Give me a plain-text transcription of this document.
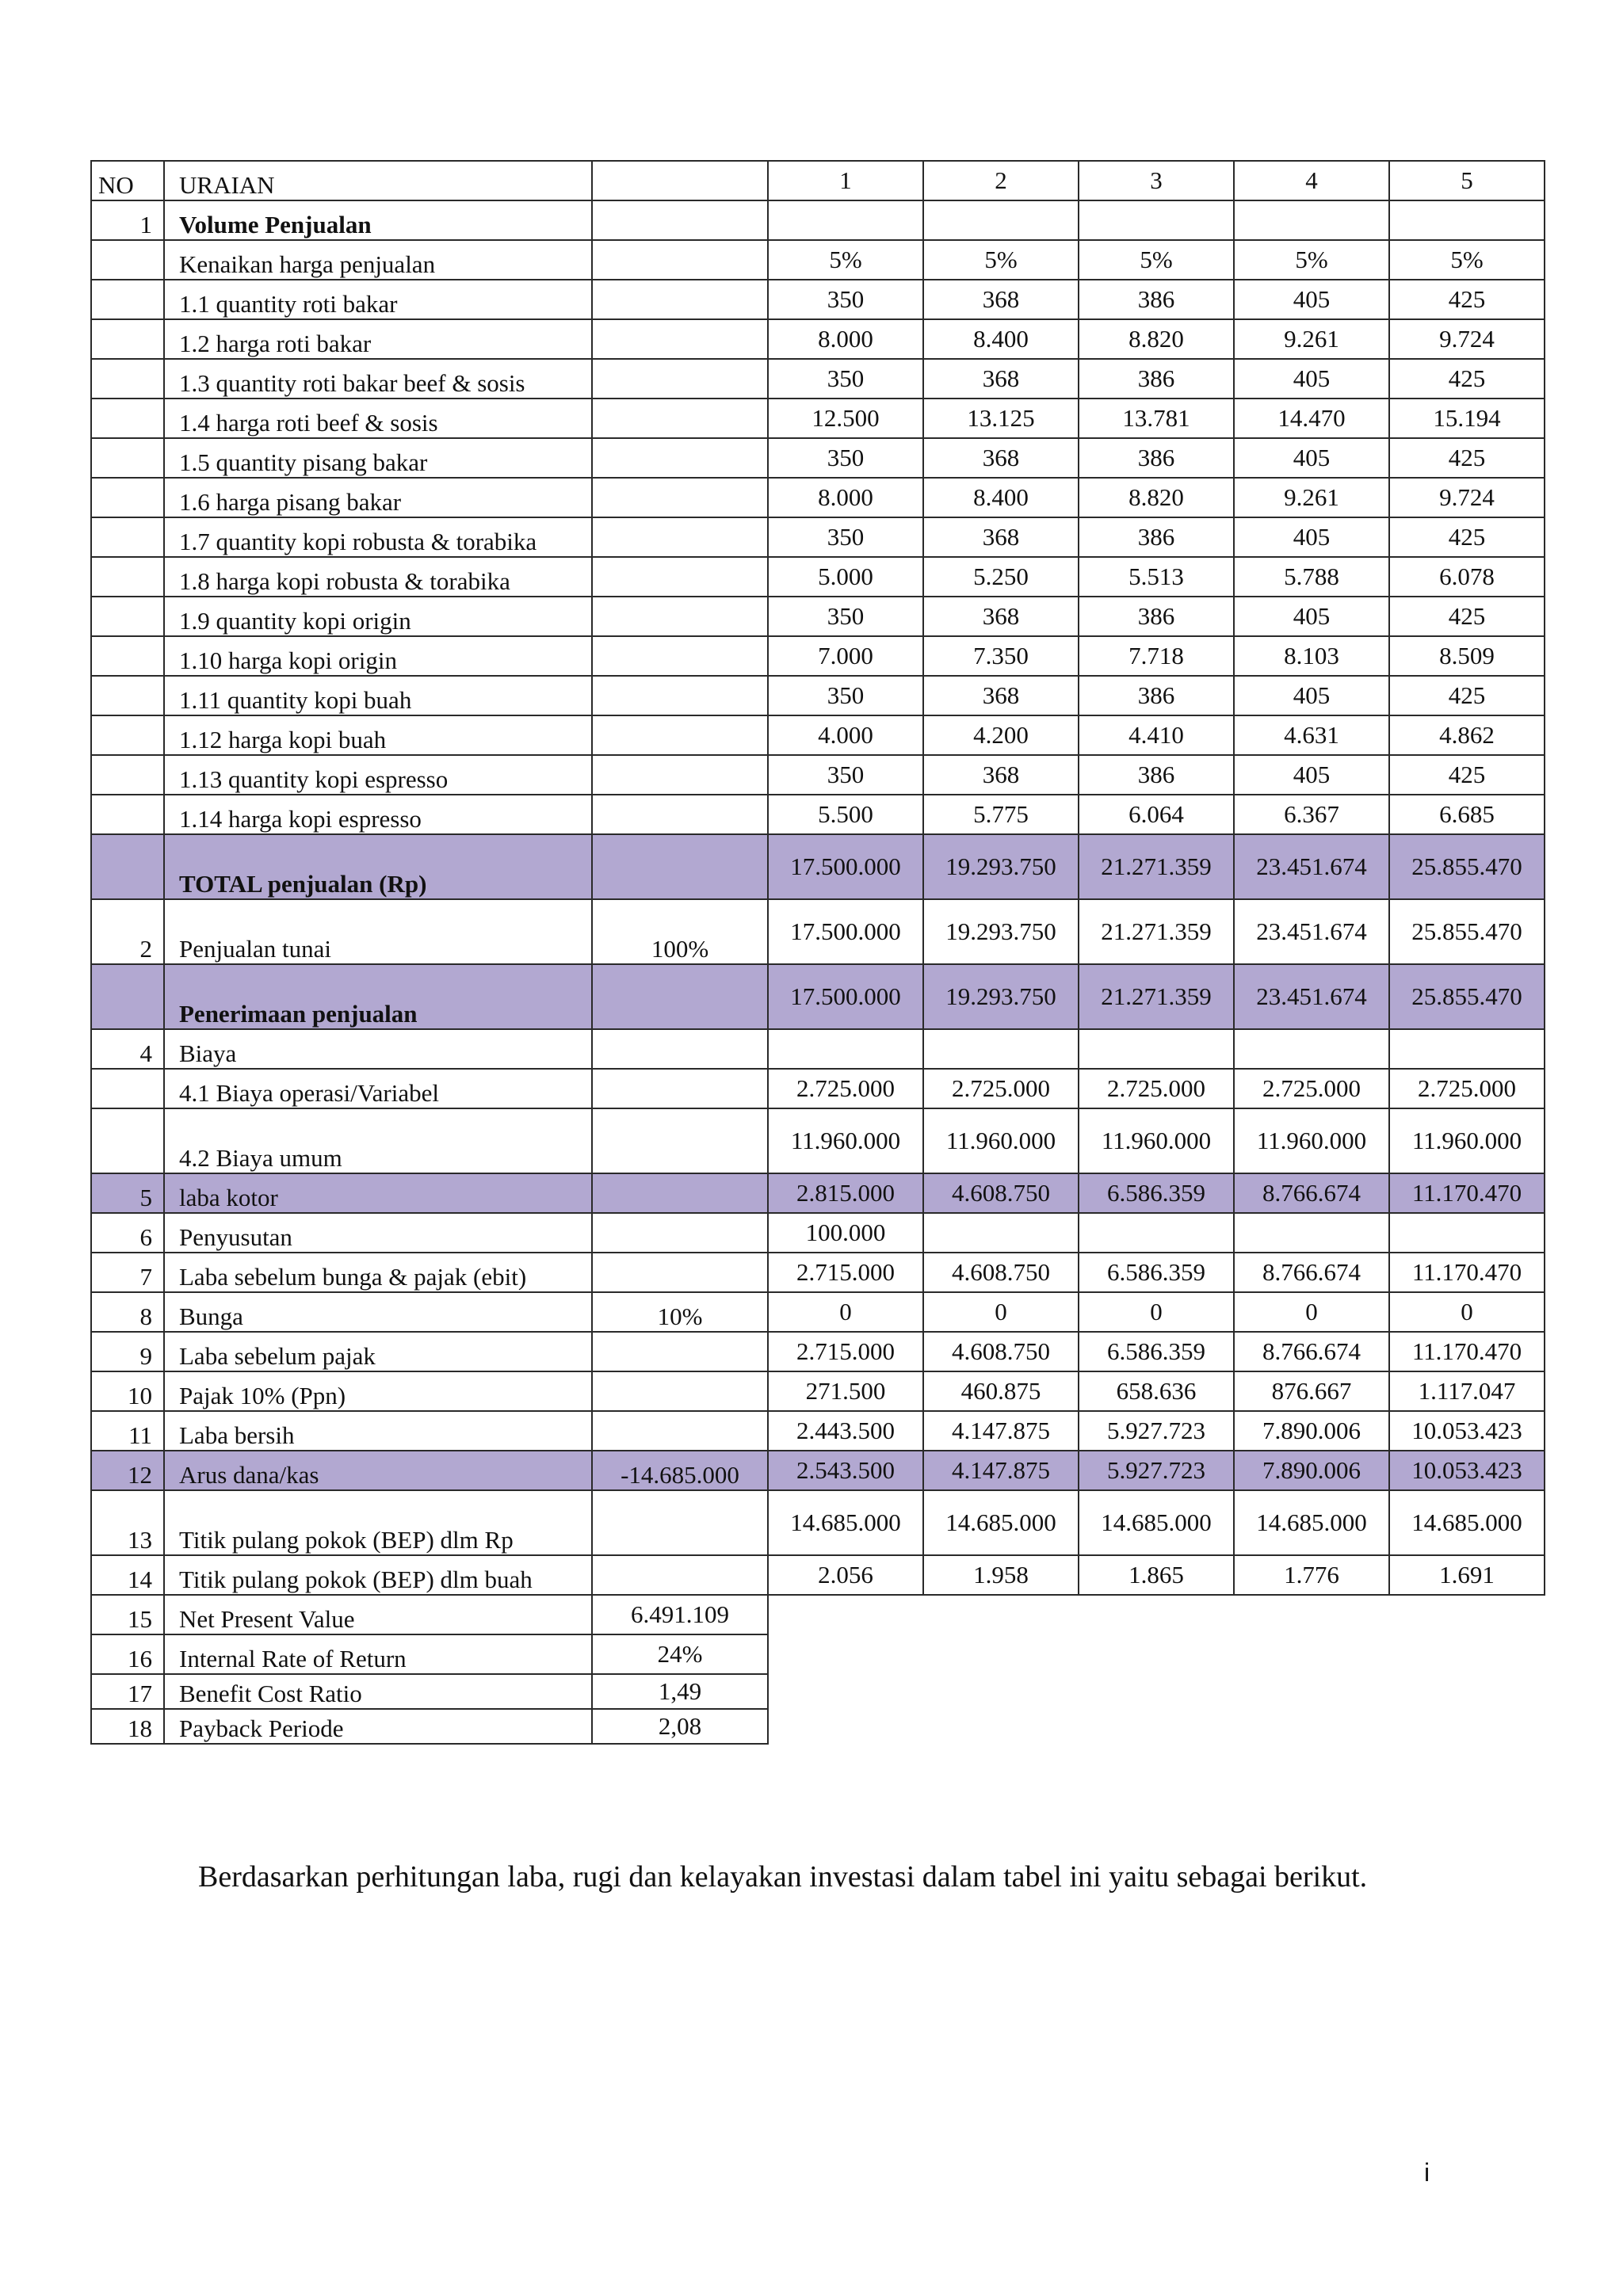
NO	URAIAN		1	2	3	4	5
1	Volume Penjualan						
	Kenaikan harga penjualan		5%	5%	5%	5%	5%
	1.1 quantity roti bakar		350	368	386	405	425
	1.2 harga roti bakar		8.000	8.400	8.820	9.261	9.724
	1.3 quantity roti bakar beef & sosis		350	368	386	405	425
	1.4 harga roti beef & sosis		12.500	13.125	13.781	14.470	15.194
	1.5 quantity pisang bakar		350	368	386	405	425
	1.6 harga pisang bakar		8.000	8.400	8.820	9.261	9.724
	1.7 quantity kopi robusta & torabika		350	368	386	405	425
	1.8 harga kopi robusta & torabika		5.000	5.250	5.513	5.788	6.078
	1.9 quantity kopi origin		350	368	386	405	425
	1.10 harga kopi origin		7.000	7.350	7.718	8.103	8.509
	1.11 quantity kopi buah		350	368	386	405	425
	1.12 harga kopi buah		4.000	4.200	4.410	4.631	4.862
	1.13 quantity kopi espresso		350	368	386	405	425
	1.14 harga kopi espresso		5.500	5.775	6.064	6.367	6.685
	TOTAL penjualan (Rp)		17.500.000	19.293.750	21.271.359	23.451.674	25.855.470
2	Penjualan tunai	100%	17.500.000	19.293.750	21.271.359	23.451.674	25.855.470
	Penerimaan penjualan		17.500.000	19.293.750	21.271.359	23.451.674	25.855.470
4	Biaya						
	4.1 Biaya operasi/Variabel		2.725.000	2.725.000	2.725.000	2.725.000	2.725.000
	4.2 Biaya umum		11.960.000	11.960.000	11.960.000	11.960.000	11.960.000
5	laba kotor		2.815.000	4.608.750	6.586.359	8.766.674	11.170.470
6	Penyusutan		100.000				
7	Laba sebelum bunga & pajak (ebit)		2.715.000	4.608.750	6.586.359	8.766.674	11.170.470
8	Bunga	10%	0	0	0	0	0
9	Laba sebelum pajak		2.715.000	4.608.750	6.586.359	8.766.674	11.170.470
10	Pajak 10% (Ppn)		271.500	460.875	658.636	876.667	1.117.047
11	Laba bersih		2.443.500	4.147.875	5.927.723	7.890.006	10.053.423
12	Arus dana/kas	-14.685.000	2.543.500	4.147.875	5.927.723	7.890.006	10.053.423
13	Titik pulang pokok (BEP) dlm Rp		14.685.000	14.685.000	14.685.000	14.685.000	14.685.000
14	Titik pulang pokok (BEP) dlm buah		2.056	1.958	1.865	1.776	1.691
15	Net Present Value	6.491.109					
16	Internal Rate of Return	24%					
17	Benefit Cost Ratio	1,49					
18	Payback Periode	2,08					

Berdasarkan perhitungan laba, rugi dan kelayakan investasi dalam tabel ini yaitu sebagai berikut.

i
